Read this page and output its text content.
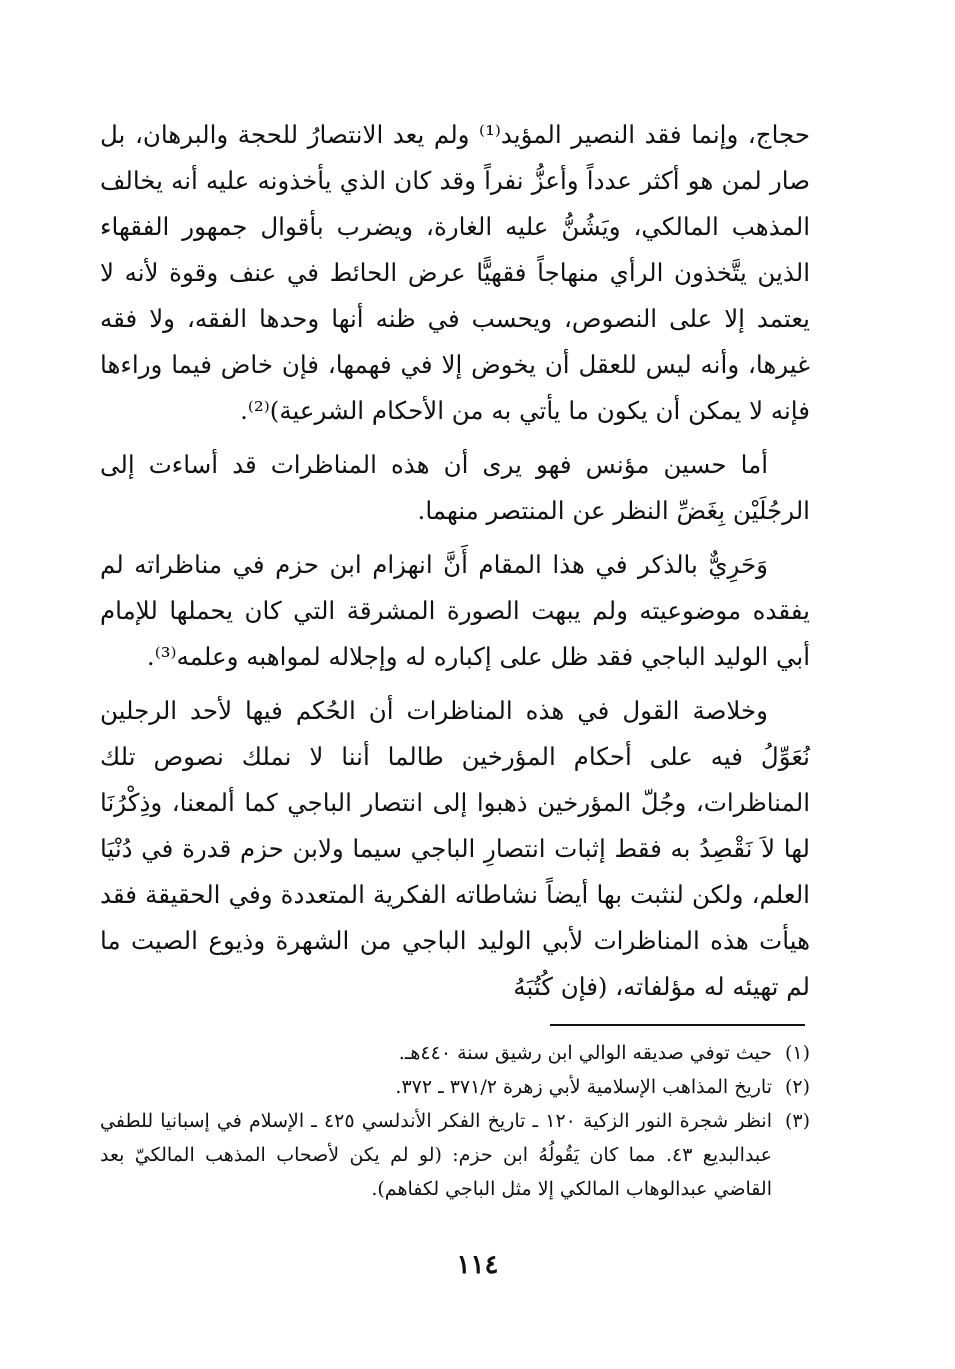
حجاج، وإنما فقد النصير المؤيد⁽¹⁾ ولم يعد الانتصارُ للحجة والبرهان، بل صار لمن هو أكثر عدداً وأعزُّ نفراً وقد كان الذي يأخذونه عليه أنه يخالف المذهب المالكي، ويَشُنُّ عليه الغارة، ويضرب بأقوال جمهور الفقهاء الذين يتَّخذون الرأي منهاجاً فقهيًّا عرض الحائط في عنف وقوة لأنه لا يعتمد إلا على النصوص، ويحسب في ظنه أنها وحدها الفقه، ولا فقه غيرها، وأنه ليس للعقل أن يخوض إلا في فهمها، فإن خاض فيما وراءها فإنه لا يمكن أن يكون ما يأتي به من الأحكام الشرعية)⁽²⁾.

أما حسين مؤنس فهو يرى أن هذه المناظرات قد أساءت إلى الرجُلَيْن بِغَضِّ النظر عن المنتصر منهما.

وَحَرِيٌّ بالذكر في هذا المقام أَنَّ انهزام ابن حزم في مناظراته لم يفقده موضوعيته ولم يبهت الصورة المشرقة التي كان يحملها للإمام أبي الوليد الباجي فقد ظل على إكباره له وإجلاله لمواهبه وعلمه⁽³⁾.

وخلاصة القول في هذه المناظرات أن الحُكم فيها لأحد الرجلين نُعَوِّلُ فيه على أحكام المؤرخين طالما أننا لا نملك نصوص تلك المناظرات، وجُلّ المؤرخين ذهبوا إلى انتصار الباجي كما ألمعنا، وذِكْرُنَا لها لاَ نَقْصِدُ به فقط إثبات انتصارِ الباجي سيما ولابن حزم قدرة في دُنْيَا العلم، ولكن لنثبت بها أيضاً نشاطاته الفكرية المتعددة وفي الحقيقة فقد هيأت هذه المناظرات لأبي الوليد الباجي من الشهرة وذيوع الصيت ما لم تهيئه له مؤلفاته، (فإن كُتُبَهُ

(١)
حيث توفي صديقه الوالي ابن رشيق سنة ٤٤٠هـ.
(٢)
تاريخ المذاهب الإسلامية لأبي زهرة ٣٧١/٢ ـ ٣٧٢.
(٣)
انظر شجرة النور الزكية ١٢٠ ـ تاريخ الفكر الأندلسي ٤٢٥ ـ الإسلام في إسبانيا للطفي عبدالبديع ٤٣. مما كان يَقُولُهُ ابن حزم: (لو لم يكن لأصحاب المذهب المالكيّ بعد القاضي عبدالوهاب المالكي إلا مثل الباجي لكفاهم).
١١٤
